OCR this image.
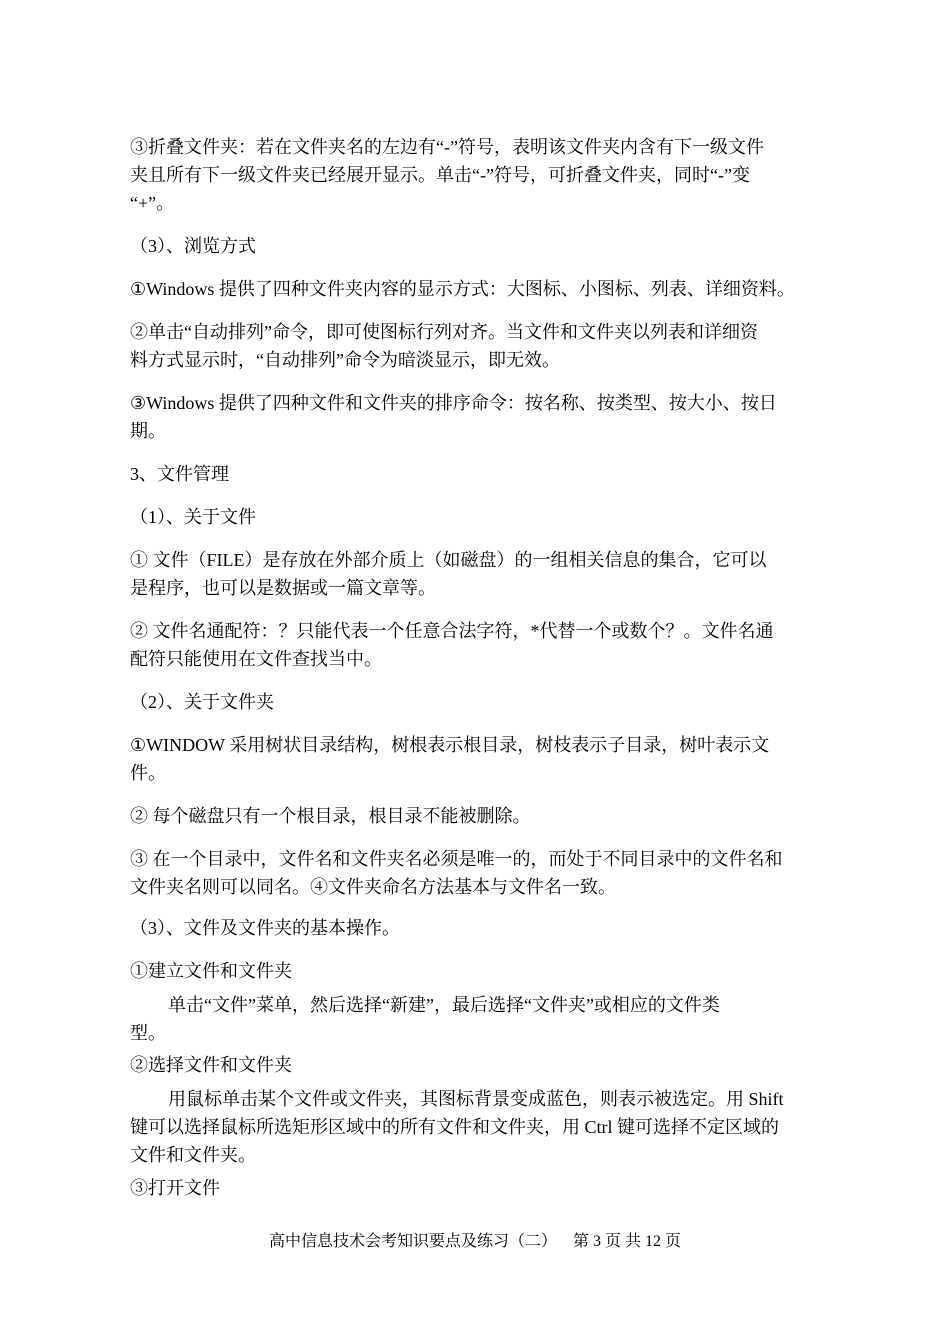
③折叠文件夹：若在文件夹名的左边有“-”符号，表明该文件夹内含有下一级文件
夹且所有下一级文件夹已经展开显示。单击“-”符号，可折叠文件夹，同时“-”变
“+”。
（3）、浏览方式
①Windows 提供了四种文件夹内容的显示方式：大图标、小图标、列表、详细资料。
②单击“自动排列”命令，即可使图标行列对齐。当文件和文件夹以列表和详细资
料方式显示时，“自动排列”命令为暗淡显示，即无效。
③Windows 提供了四种文件和文件夹的排序命令：按名称、按类型、按大小、按日
期。
3、文件管理
（1）、关于文件
① 文件（FILE）是存放在外部介质上（如磁盘）的一组相关信息的集合，它可以
是程序，也可以是数据或一篇文章等。
② 文件名通配符：？只能代表一个任意合法字符，*代替一个或数个？。文件名通
配符只能使用在文件查找当中。
（2）、关于文件夹
①WINDOW 采用树状目录结构，树根表示根目录，树枝表示子目录，树叶表示文
件。
② 每个磁盘只有一个根目录，根目录不能被删除。
③ 在一个目录中，文件名和文件夹名必须是唯一的，而处于不同目录中的文件名和
文件夹名则可以同名。④文件夹命名方法基本与文件名一致。
（3）、文件及文件夹的基本操作。
①建立文件和文件夹
单击“文件”菜单，然后选择“新建”，最后选择“文件夹”或相应的文件类
型。
②选择文件和文件夹
用鼠标单击某个文件或文件夹，其图标背景变成蓝色，则表示被选定。用 Shift
键可以选择鼠标所选矩形区域中的所有文件和文件夹，用 Ctrl 键可选择不定区域的
文件和文件夹。
③打开文件
高中信息技术会考知识要点及练习（二）    第 3 页 共 12 页
